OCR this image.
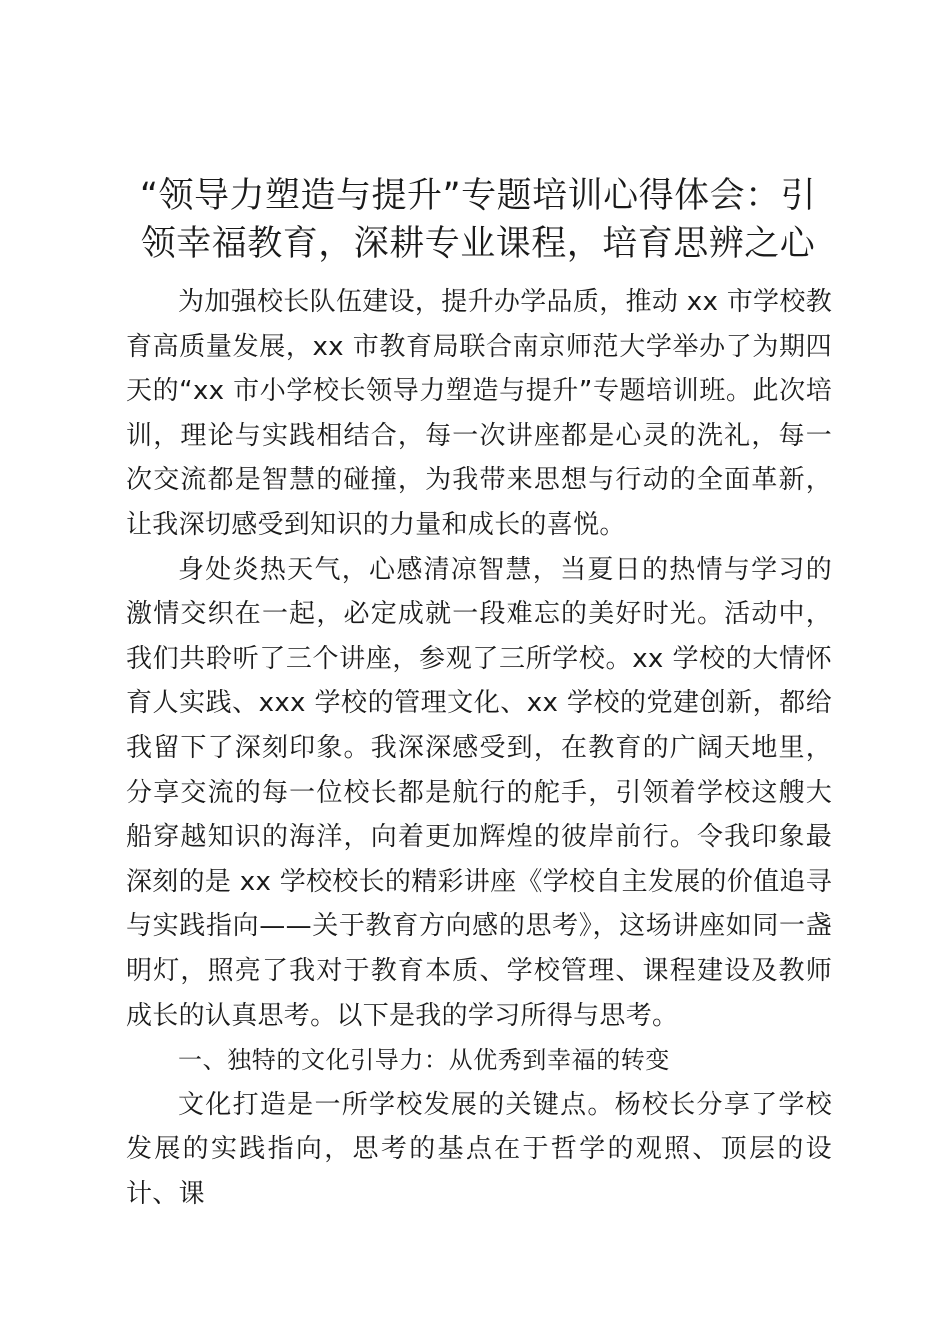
“领导力塑造与提升”专题培训心得体会：引
领幸福教育，深耕专业课程，培育思辨之心

为加强校长队伍建设，提升办学品质，推动 xx 市学校教育高质量发展，xx 市教育局联合南京师范大学举办了为期四天的“xx 市小学校长领导力塑造与提升”专题培训班。此次培训，理论与实践相结合，每一次讲座都是心灵的洗礼，每一次交流都是智慧的碰撞，为我带来思想与行动的全面革新，让我深切感受到知识的力量和成长的喜悦。

身处炎热天气，心感清凉智慧，当夏日的热情与学习的激情交织在一起，必定成就一段难忘的美好时光。活动中，我们共聆听了三个讲座，参观了三所学校。xx 学校的大情怀育人实践、xxx 学校的管理文化、xx 学校的党建创新，都给我留下了深刻印象。我深深感受到，在教育的广阔天地里，分享交流的每一位校长都是航行的舵手，引领着学校这艘大船穿越知识的海洋，向着更加辉煌的彼岸前行。令我印象最深刻的是 xx 学校校长的精彩讲座《学校自主发展的价值追寻与实践指向——关于教育方向感的思考》，这场讲座如同一盏明灯，照亮了我对于教育本质、学校管理、课程建设及教师成长的认真思考。以下是我的学习所得与思考。

一、独特的文化引导力：从优秀到幸福的转变

文化打造是一所学校发展的关键点。杨校长分享了学校发展的实践指向，思考的基点在于哲学的观照、顶层的设计、课
